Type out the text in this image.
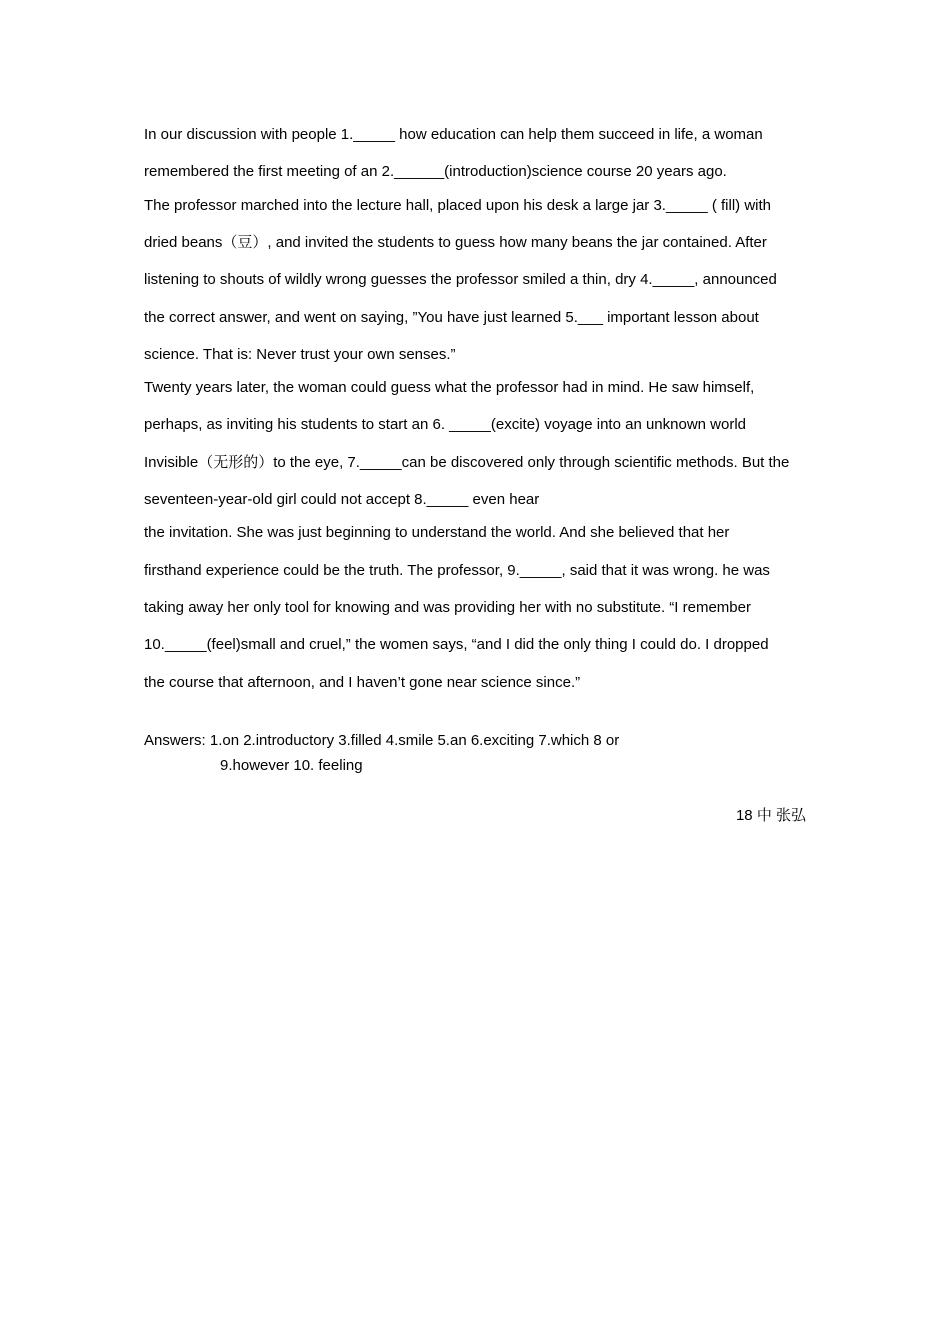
In our discussion with people 1._____ how education can help them succeed in life, a woman
remembered the first meeting of an 2.______(introduction)science course 20 years ago.
The professor marched into the lecture hall, placed upon his desk a large jar 3._____ ( fill) with
dried beans（豆）, and invited the students to guess how many beans the jar contained. After
listening to shouts of wildly wrong guesses the professor smiled a thin, dry 4._____, announced
the correct answer, and went on saying, ”You have just learned 5.___ important lesson about
science. That is: Never trust your own senses.”
Twenty years later, the woman could guess what the professor had in mind. He saw himself,
perhaps, as inviting his students to start an 6. _____(excite) voyage into an unknown world
Invisible（无形的）to the eye, 7._____can be discovered only through scientific methods. But the
seventeen-year-old girl could not accept 8._____ even hear
the invitation. She was just beginning to understand the world. And she believed that her
firsthand experience could be the truth. The professor, 9._____, said that it was wrong. he was
taking away her only tool for knowing and was providing her with no substitute. “I remember
10._____(feel)small and cruel,” the women says, “and I did the only thing I could do. I dropped
the course that afternoon, and I haven’t gone near science since.”
Answers: 1.on 2.introductory 3.filled 4.smile 5.an 6.exciting 7.which 8 or
9.however 10. feeling
18 中 张弘
